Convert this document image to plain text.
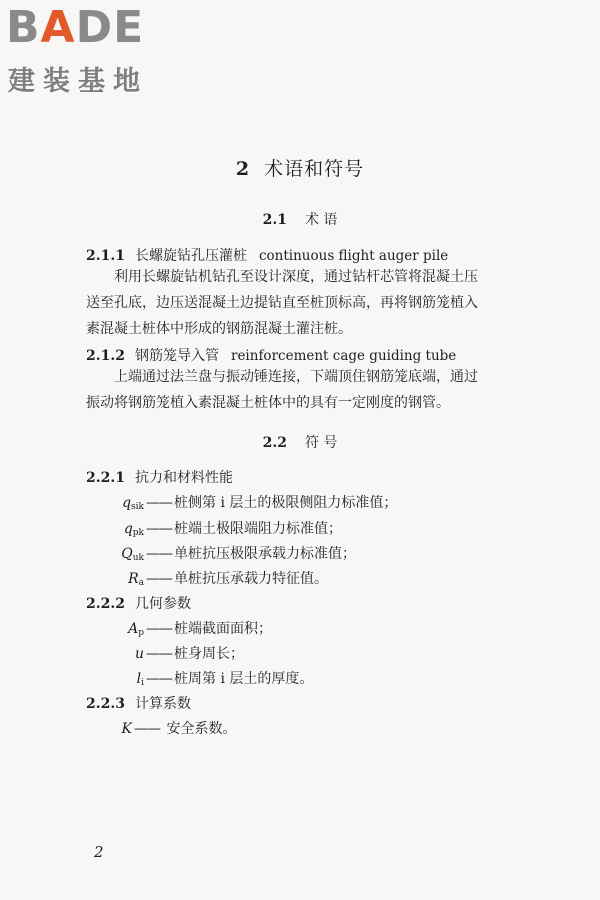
BADE
建装基地
2 术语和符号
2.1 术 语
2.1.1 长螺旋钻孔压灌桩 continuous flight auger pile
利用长螺旋钻机钻孔至设计深度，通过钻杆芯管将混凝土压
送至孔底，边压送混凝土边提钻直至桩顶标高，再将钢筋笼植入
素混凝土桩体中形成的钢筋混凝土灌注桩。
2.1.2 钢筋笼导入管 reinforcement cage guiding tube
上端通过法兰盘与振动锤连接，下端顶住钢筋笼底端，通过
振动将钢筋笼植入素混凝土桩体中的具有一定刚度的钢管。
2.2 符 号
2.2.1 抗力和材料性能
$q_{sik}$ —— 桩侧第 i 层土的极限侧阻力标准值；
$q_{pk}$ —— 桩端土极限端阻力标准值；
$Q_{uk}$ —— 单桩抗压极限承载力标准值；
$R_a$ —— 单桩抗压承载力特征值。
2.2.2 几何参数
$A_p$ —— 桩端截面面积；
u —— 桩身周长；
$l_i$ —— 桩周第 i 层土的厚度。
2.2.3 计算系数
K —— 安全系数。
2
